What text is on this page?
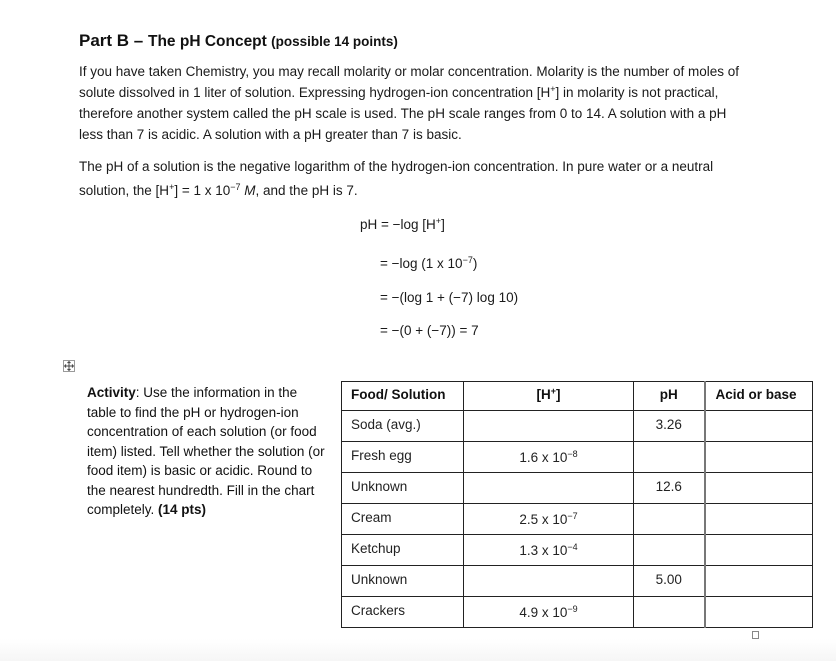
Part B – The pH Concept (possible 14 points)

If you have taken Chemistry, you may recall molarity or molar concentration. Molarity is the number of moles of solute dissolved in 1 liter of solution. Expressing hydrogen-ion concentration [H+] in molarity is not practical, therefore another system called the pH scale is used. The pH scale ranges from 0 to 14. A solution with a pH less than 7 is acidic. A solution with a pH greater than 7 is basic.

The pH of a solution is the negative logarithm of the hydrogen-ion concentration. In pure water or a neutral solution, the [H+] = 1 x $10^{-7}$ M, and the pH is 7.

pH = −log [H+]
= −log (1 x $10^{-7}$)
= −(log 1 + (−7) log 10)
= −(0 + (−7)) = 7
Activity: Use the information in the table to find the pH or hydrogen-ion concentration of each solution (or food item) listed. Tell whether the solution (or food item) is basic or acidic. Round to the nearest hundredth. Fill in the chart completely. (14 pts)
Food/ Solution	[H+]	pH	Acid or base
Soda (avg.)		3.26	
Fresh egg	1.6 x $10^{-8}$		
Unknown		12.6	
Cream	2.5 x $10^{-7}$		
Ketchup	1.3 x $10^{-4}$		
Unknown		5.00	
Crackers	4.9 x $10^{-9}$		
